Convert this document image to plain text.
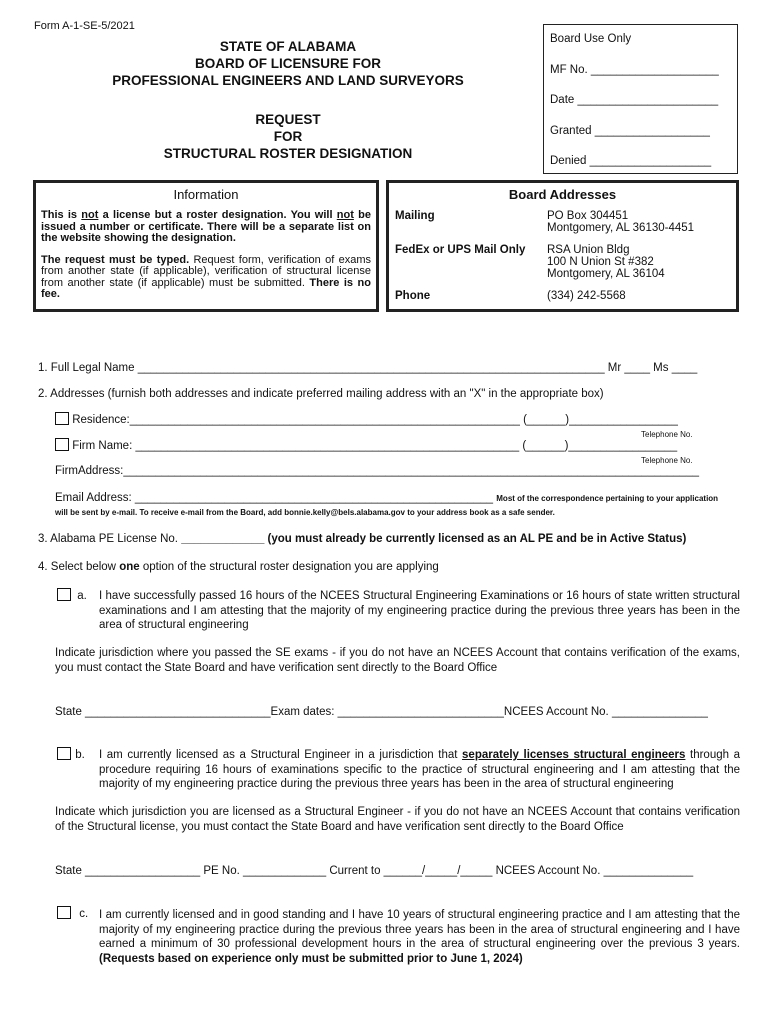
Form A-1-SE-5/2021
STATE OF ALABAMA
BOARD OF LICENSURE FOR
PROFESSIONAL ENGINEERS AND LAND SURVEYORS
REQUEST
FOR
STRUCTURAL ROSTER DESIGNATION
Board Use Only
MF No. ____________________
Date ______________________
Granted __________________
Denied ___________________
Information

This is not a license but a roster designation. You will not be issued a number or certificate. There will be a separate list on the website showing the designation.

The request must be typed. Request form, verification of exams from another state (if applicable), verification of structural license from another state (if applicable) must be submitted. There is no fee.

Board Addresses
Mailing	PO Box 304451
Montgomery, AL 36130-4451
FedEx or UPS Mail Only	RSA Union Bldg
100 N Union St #382
Montgomery, AL 36104
Phone	(334) 242-5568
1. Full Legal Name _________________________________________________________________________ Mr ____ Ms ____
2. Addresses (furnish both addresses and indicate preferred mailing address with an "X" in the appropriate box)
Residence:_____________________________________________________________ (______)_________________
Telephone No.
Firm Name: ____________________________________________________________ (______)_________________
Telephone No.
FirmAddress:__________________________________________________________________________________________
Email Address: ________________________________________________________ Most of the correspondence pertaining to your application
will be sent by e-mail. To receive e-mail from the Board, add bonnie.kelly@bels.alabama.gov to your address book as a safe sender.
3. Alabama PE License No. _____________ (you must already be currently licensed as an AL PE and be in Active Status)
4. Select below one option of the structural roster designation you are applying
a. I have successfully passed 16 hours of the NCEES Structural Engineering Examinations or 16 hours of state written structural examinations and I am attesting that the majority of my engineering practice during the previous three years has been in the area of structural engineering

Indicate jurisdiction where you passed the SE exams - if you do not have an NCEES Account that contains verification of the exams, you must contact the State Board and have verification sent directly to the Board Office

State _____________________________Exam dates: __________________________NCEES Account No. _______________
b. I am currently licensed as a Structural Engineer in a jurisdiction that separately licenses structural engineers through a procedure requiring 16 hours of examinations specific to the practice of structural engineering and I am attesting that the majority of my engineering practice during the previous three years has been in the area of structural engineering

Indicate which jurisdiction you are licensed as a Structural Engineer - if you do not have an NCEES Account that contains verification of the Structural license, you must contact the State Board and have verification sent directly to the Board Office

State __________________ PE No. _____________ Current to ______/_____/_____ NCEES Account No. ______________
c. I am currently licensed and in good standing and I have 10 years of structural engineering practice and I am attesting that the majority of my engineering practice during the previous three years has been in the area of structural engineering and I have earned a minimum of 30 professional development hours in the area of structural engineering over the previous 3 years. (Requests based on experience only must be submitted prior to June 1, 2024)
